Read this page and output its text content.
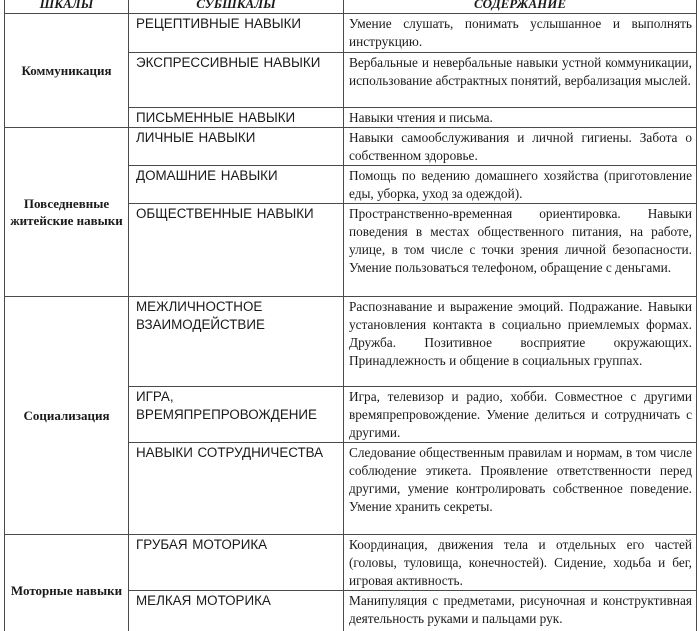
ШКАЛЫ	СУБШКАЛЫ	СОДЕРЖАНИЕ
Коммуникация	РЕЦЕПТИВНЫЕ НАВЫКИ	Умение слушать, понимать услышанное и выполнять инструкцию.
	ЭКСПРЕССИВНЫЕ НАВЫКИ	Вербальные и невербальные навыки устной коммуникации, использование абстрактных понятий, вербализация мыслей.
	ПИСЬМЕННЫЕ НАВЫКИ	Навыки чтения и письма.
Повседневные житейские навыки	ЛИЧНЫЕ НАВЫКИ	Навыки самообслуживания и личной гигиены. Забота о собственном здоровье.
	ДОМАШНИЕ НАВЫКИ	Помощь по ведению домашнего хозяйства (приготовление еды, уборка, уход за одеждой).
	ОБЩЕСТВЕННЫЕ НАВЫКИ	Пространственно-временная ориентировка. Навыки поведения в местах общественного питания, на работе, улице, в том числе с точки зрения личной безопасности. Умение пользоваться телефоном, обращение с деньгами.
Социализация	МЕЖЛИЧНОСТНОЕ ВЗАИМОДЕЙСТВИЕ	Распознавание и выражение эмоций. Подражание. Навыки установления контакта в социально приемлемых формах. Дружба. Позитивное восприятие окружающих. Принадлежность и общение в социальных группах.
	ИГРА, ВРЕМЯПРЕПРОВОЖДЕНИЕ	Игра, телевизор и радио, хобби. Совместное с другими времяпрепровождение. Умение делиться и сотрудничать с другими.
	НАВЫКИ СОТРУДНИЧЕСТВА	Следование общественным правилам и нормам, в том числе соблюдение этикета. Проявление ответственности перед другими, умение контролировать собственное поведение. Умение хранить секреты.
Моторные навыки	ГРУБАЯ МОТОРИКА	Координация, движения тела и отдельных его частей (головы, туловища, конечностей). Сидение, ходьба и бег, игровая активность.
	МЕЛКАЯ МОТОРИКА	Манипуляция с предметами, рисуночная и конструктивная деятельность руками и пальцами рук.
